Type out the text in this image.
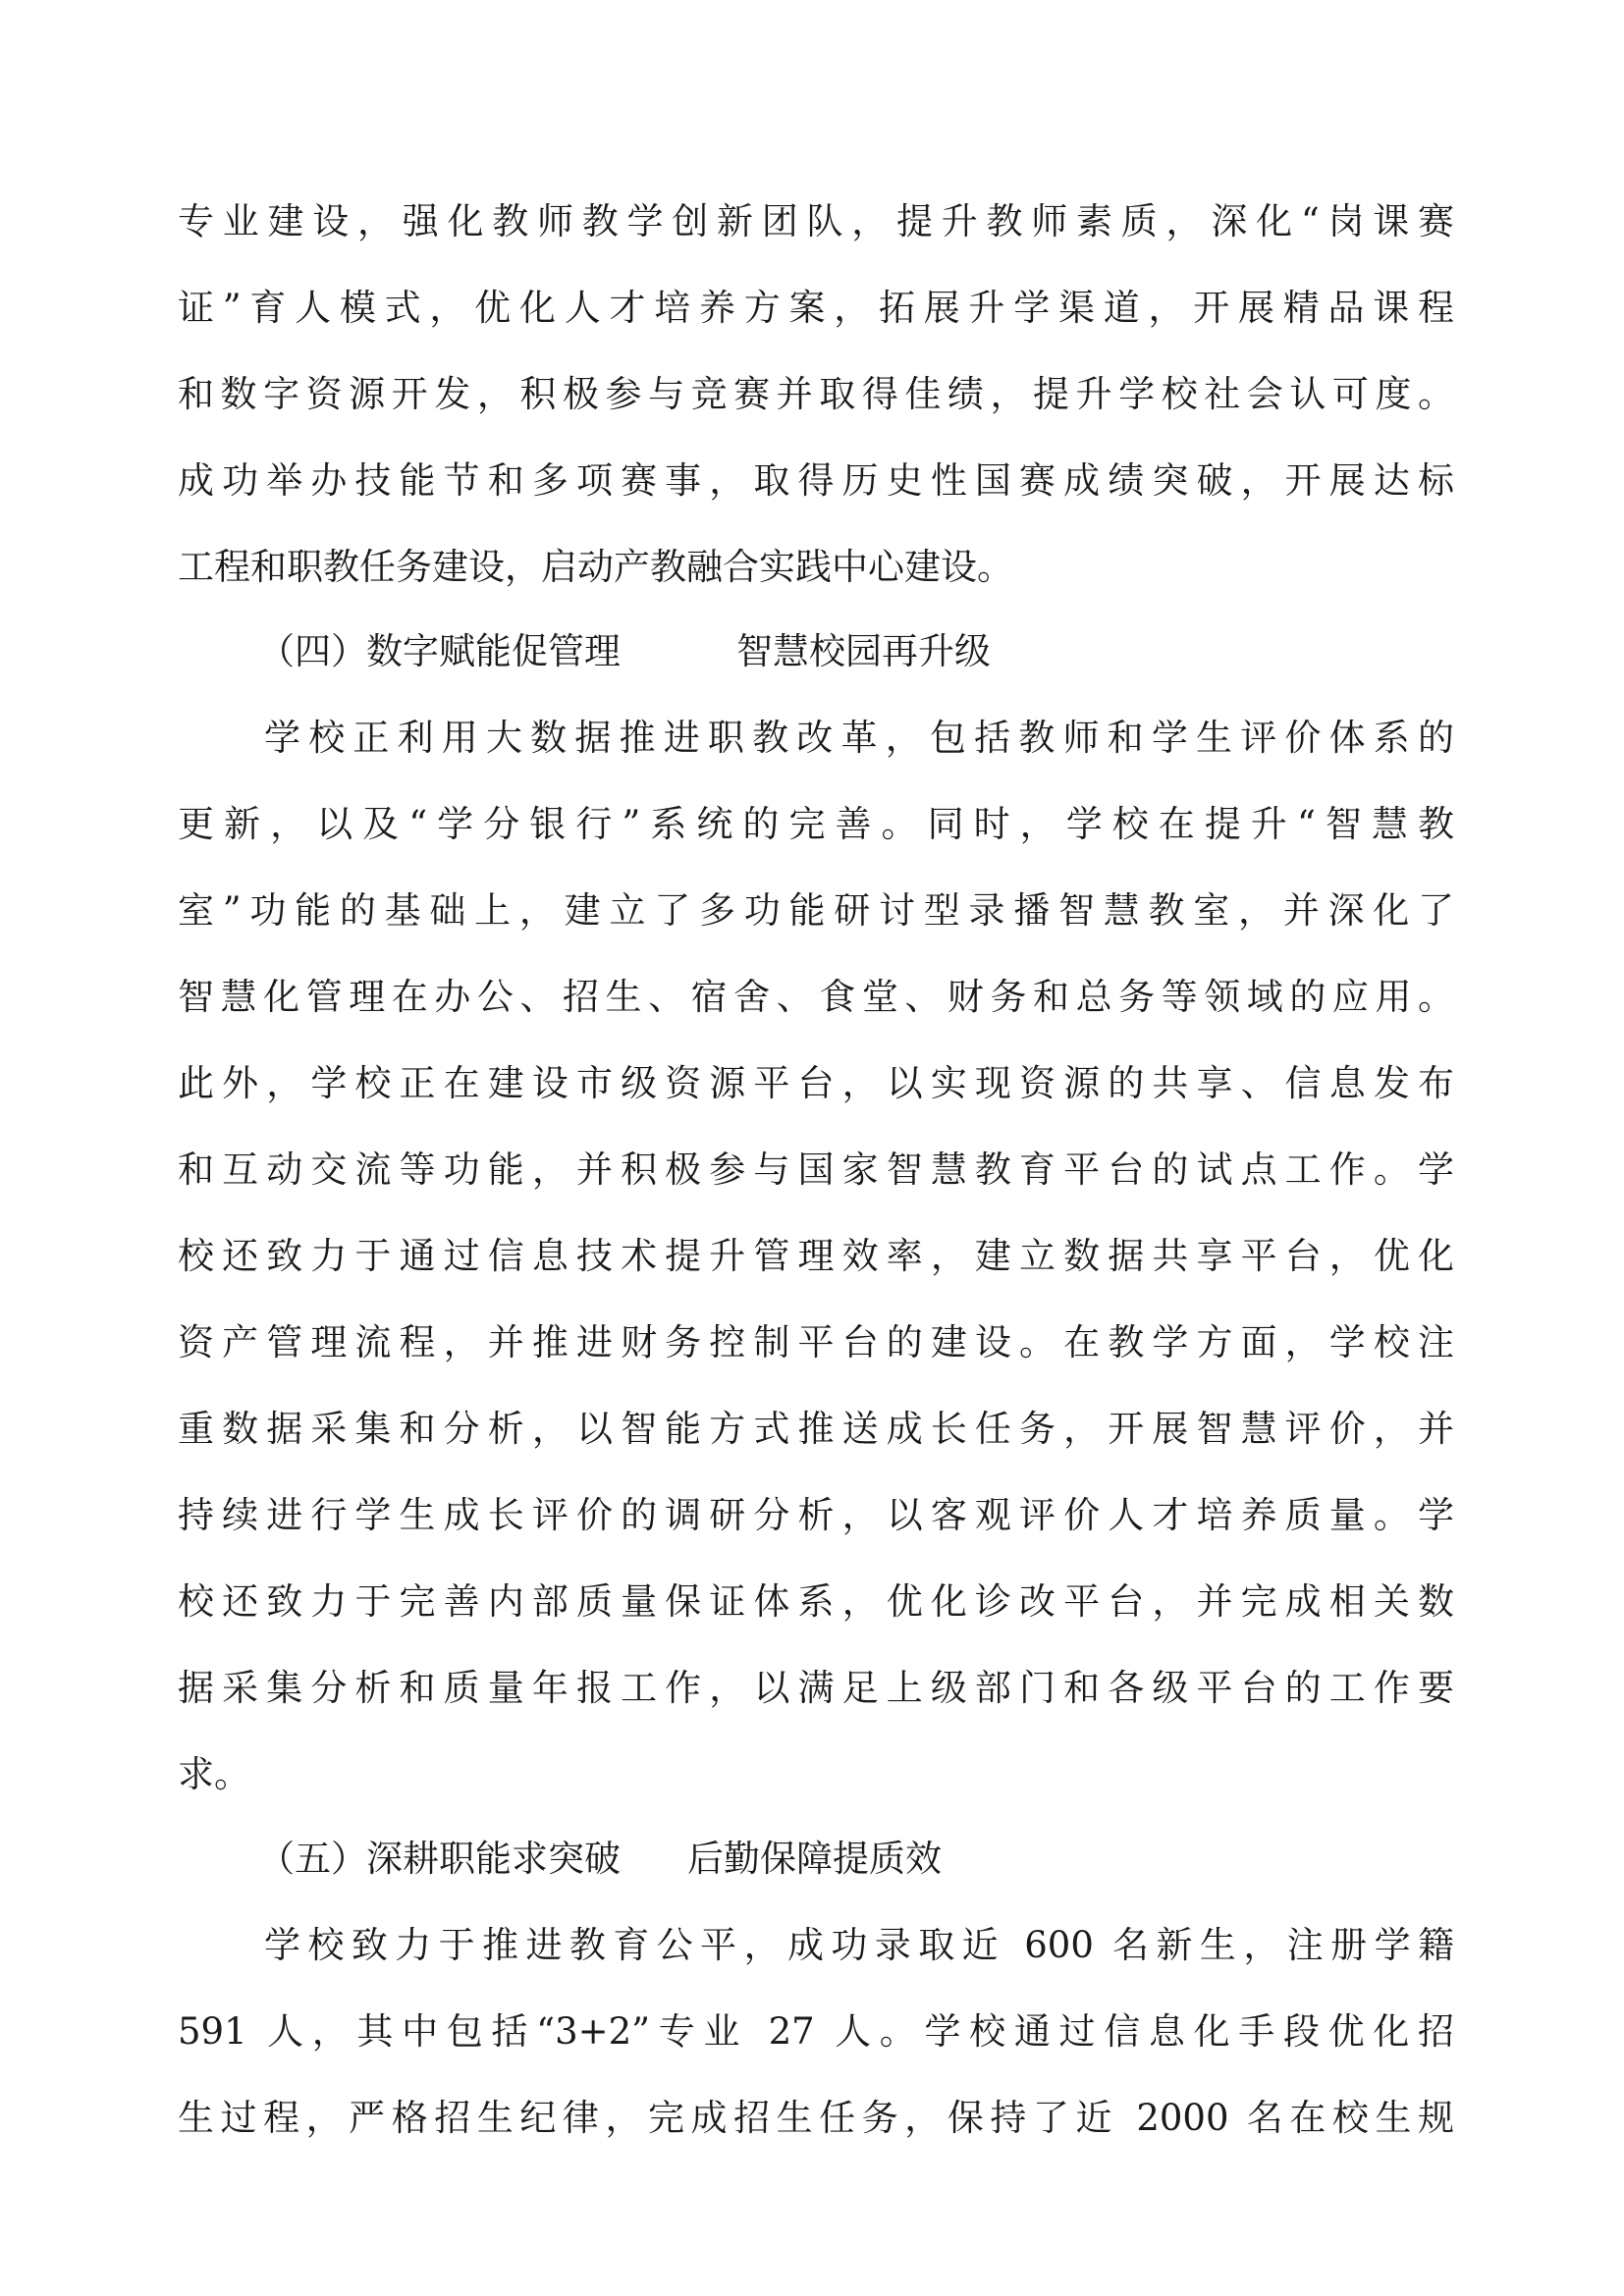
专业建设，强化教师教学创新团队，提升教师素质，深化“岗课赛
证”育人模式，优化人才培养方案，拓展升学渠道，开展精品课程
和数字资源开发，积极参与竞赛并取得佳绩，提升学校社会认可度。
成功举办技能节和多项赛事，取得历史性国赛成绩突破，开展达标
工程和职教任务建设，启动产教融合实践中心建设。
（四） 数字赋能促管理	智慧校园再升级
学校正利用大数据推进职教改革，包括教师和学生评价体系的
更新，以及“学分银行”系统的完善。同时，学校在提升“智慧教
室”功能的基础上，建立了多功能研讨型录播智慧教室，并深化了
智慧化管理在办公、招生、宿舍、食堂、财务和总务等领域的应用。
此外，学校正在建设市级资源平台，以实现资源的共享、信息发布
和互动交流等功能，并积极参与国家智慧教育平台的试点工作。学
校还致力于通过信息技术提升管理效率，建立数据共享平台，优化
资产管理流程，并推进财务控制平台的建设。在教学方面，学校注
重数据采集和分析，以智能方式推送成长任务，开展智慧评价，并
持续进行学生成长评价的调研分析，以客观评价人才培养质量。学
校还致力于完善内部质量保证体系，优化诊改平台，并完成相关数
据采集分析和质量年报工作，以满足上级部门和各级平台的工作要
求。
（五） 深耕职能求突破 后勤保障提质效
学校致力于推进教育公平，成功录取近 600 名新生，注册学籍
591 人，其中包括“3+2”专业 27 人。学校通过信息化手段优化招
生过程，严格招生纪律，完成招生任务，保持了近 2000 名在校生规
